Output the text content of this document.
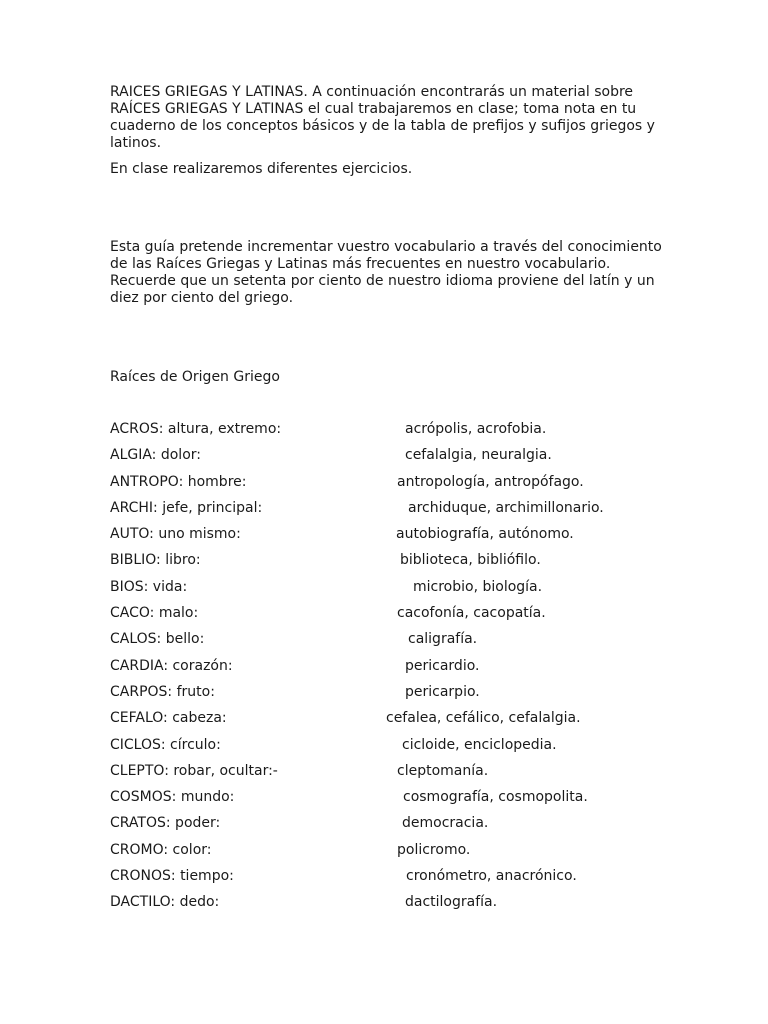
RAICES GRIEGAS Y LATINAS. A continuación encontrarás un material sobre RAÍCES GRIEGAS Y LATINAS el cual trabajaremos en clase; toma nota en tu cuaderno de los conceptos básicos y de la tabla de prefijos y sufijos griegos y latinos.

En clase realizaremos diferentes ejercicios.

Esta guía pretende incrementar vuestro vocabulario a través del conocimiento de las Raíces Griegas y Latinas más frecuentes en nuestro vocabulario. Recuerde que un setenta por ciento de nuestro idioma proviene del latín y un diez por ciento del griego.

Raíces de Origen Griego

ACROS: altura, extremo:	acrópolis, acrofobia.
ALGIA: dolor:	cefalalgia, neuralgia.
ANTROPO: hombre:	antropología, antropófago.
ARCHI: jefe, principal:	archiduque, archimillonario.
AUTO: uno mismo:	autobiografía, autónomo.
BIBLIO: libro:	biblioteca, bibliófilo.
BIOS: vida:	microbio, biología.
CACO: malo:	cacofonía, cacopatía.
CALOS: bello:	caligrafía.
CARDIA: corazón:	pericardio.
CARPOS: fruto:	pericarpio.
CEFALO: cabeza:	cefalea, cefálico, cefalalgia.
CICLOS: círculo:	cicloide, enciclopedia.
CLEPTO: robar, ocultar:-	cleptomanía.
COSMOS: mundo:	cosmografía, cosmopolita.
CRATOS: poder:	democracia.
CROMO: color:	policromo.
CRONOS: tiempo:	cronómetro, anacrónico.
DACTILO: dedo:	dactilografía.
